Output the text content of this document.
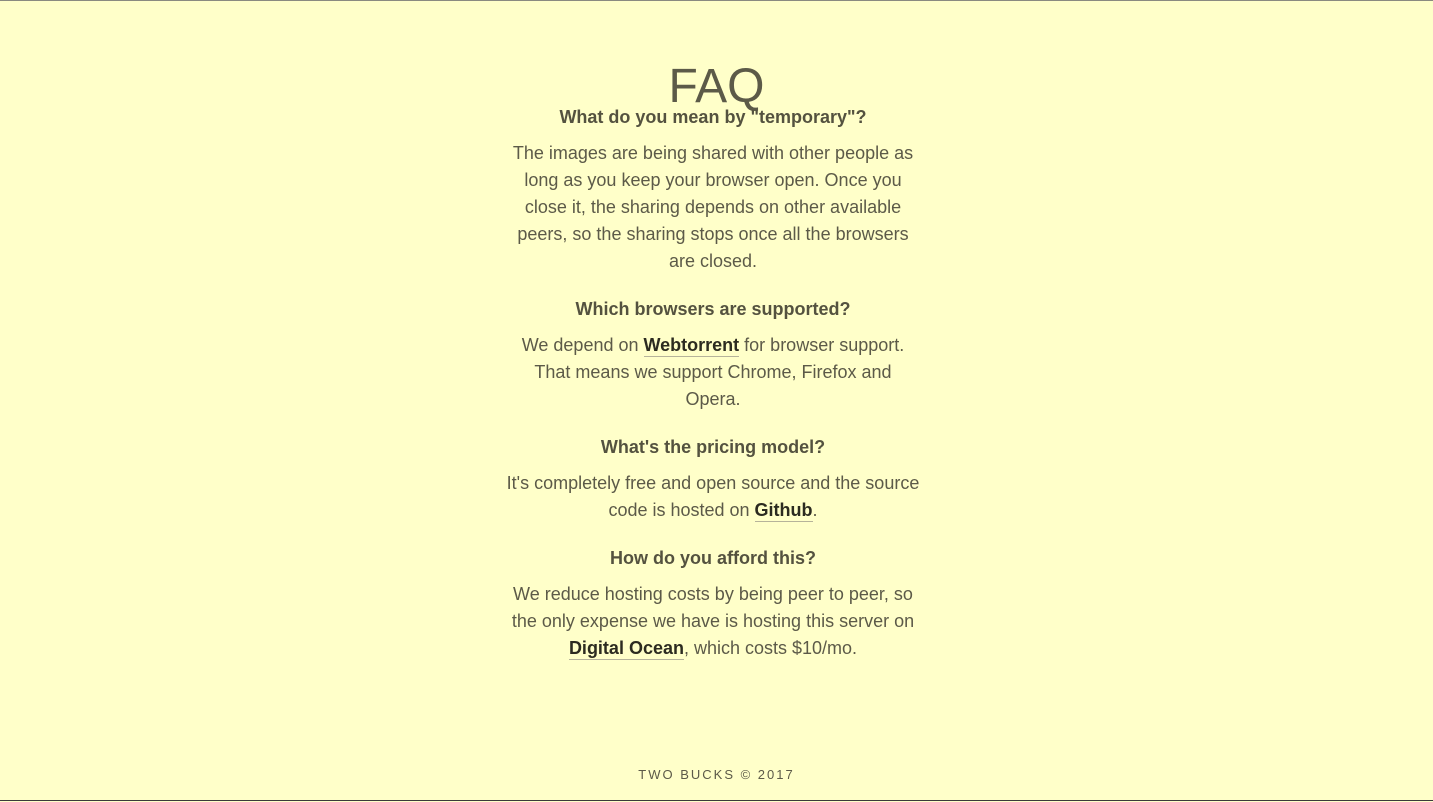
FAQ

What do you mean by "temporary"?

The images are being shared with other people as long as you keep your browser open. Once you close it, the sharing depends on other available peers, so the sharing stops once all the browsers are closed.

Which browsers are supported?

We depend on Webtorrent for browser support. That means we support Chrome, Firefox and Opera.

What's the pricing model?

It's completely free and open source and the source code is hosted on Github.

How do you afford this?

We reduce hosting costs by being peer to peer, so the only expense we have is hosting this server on Digital Ocean, which costs $10/mo.

TWO BUCKS © 2017
